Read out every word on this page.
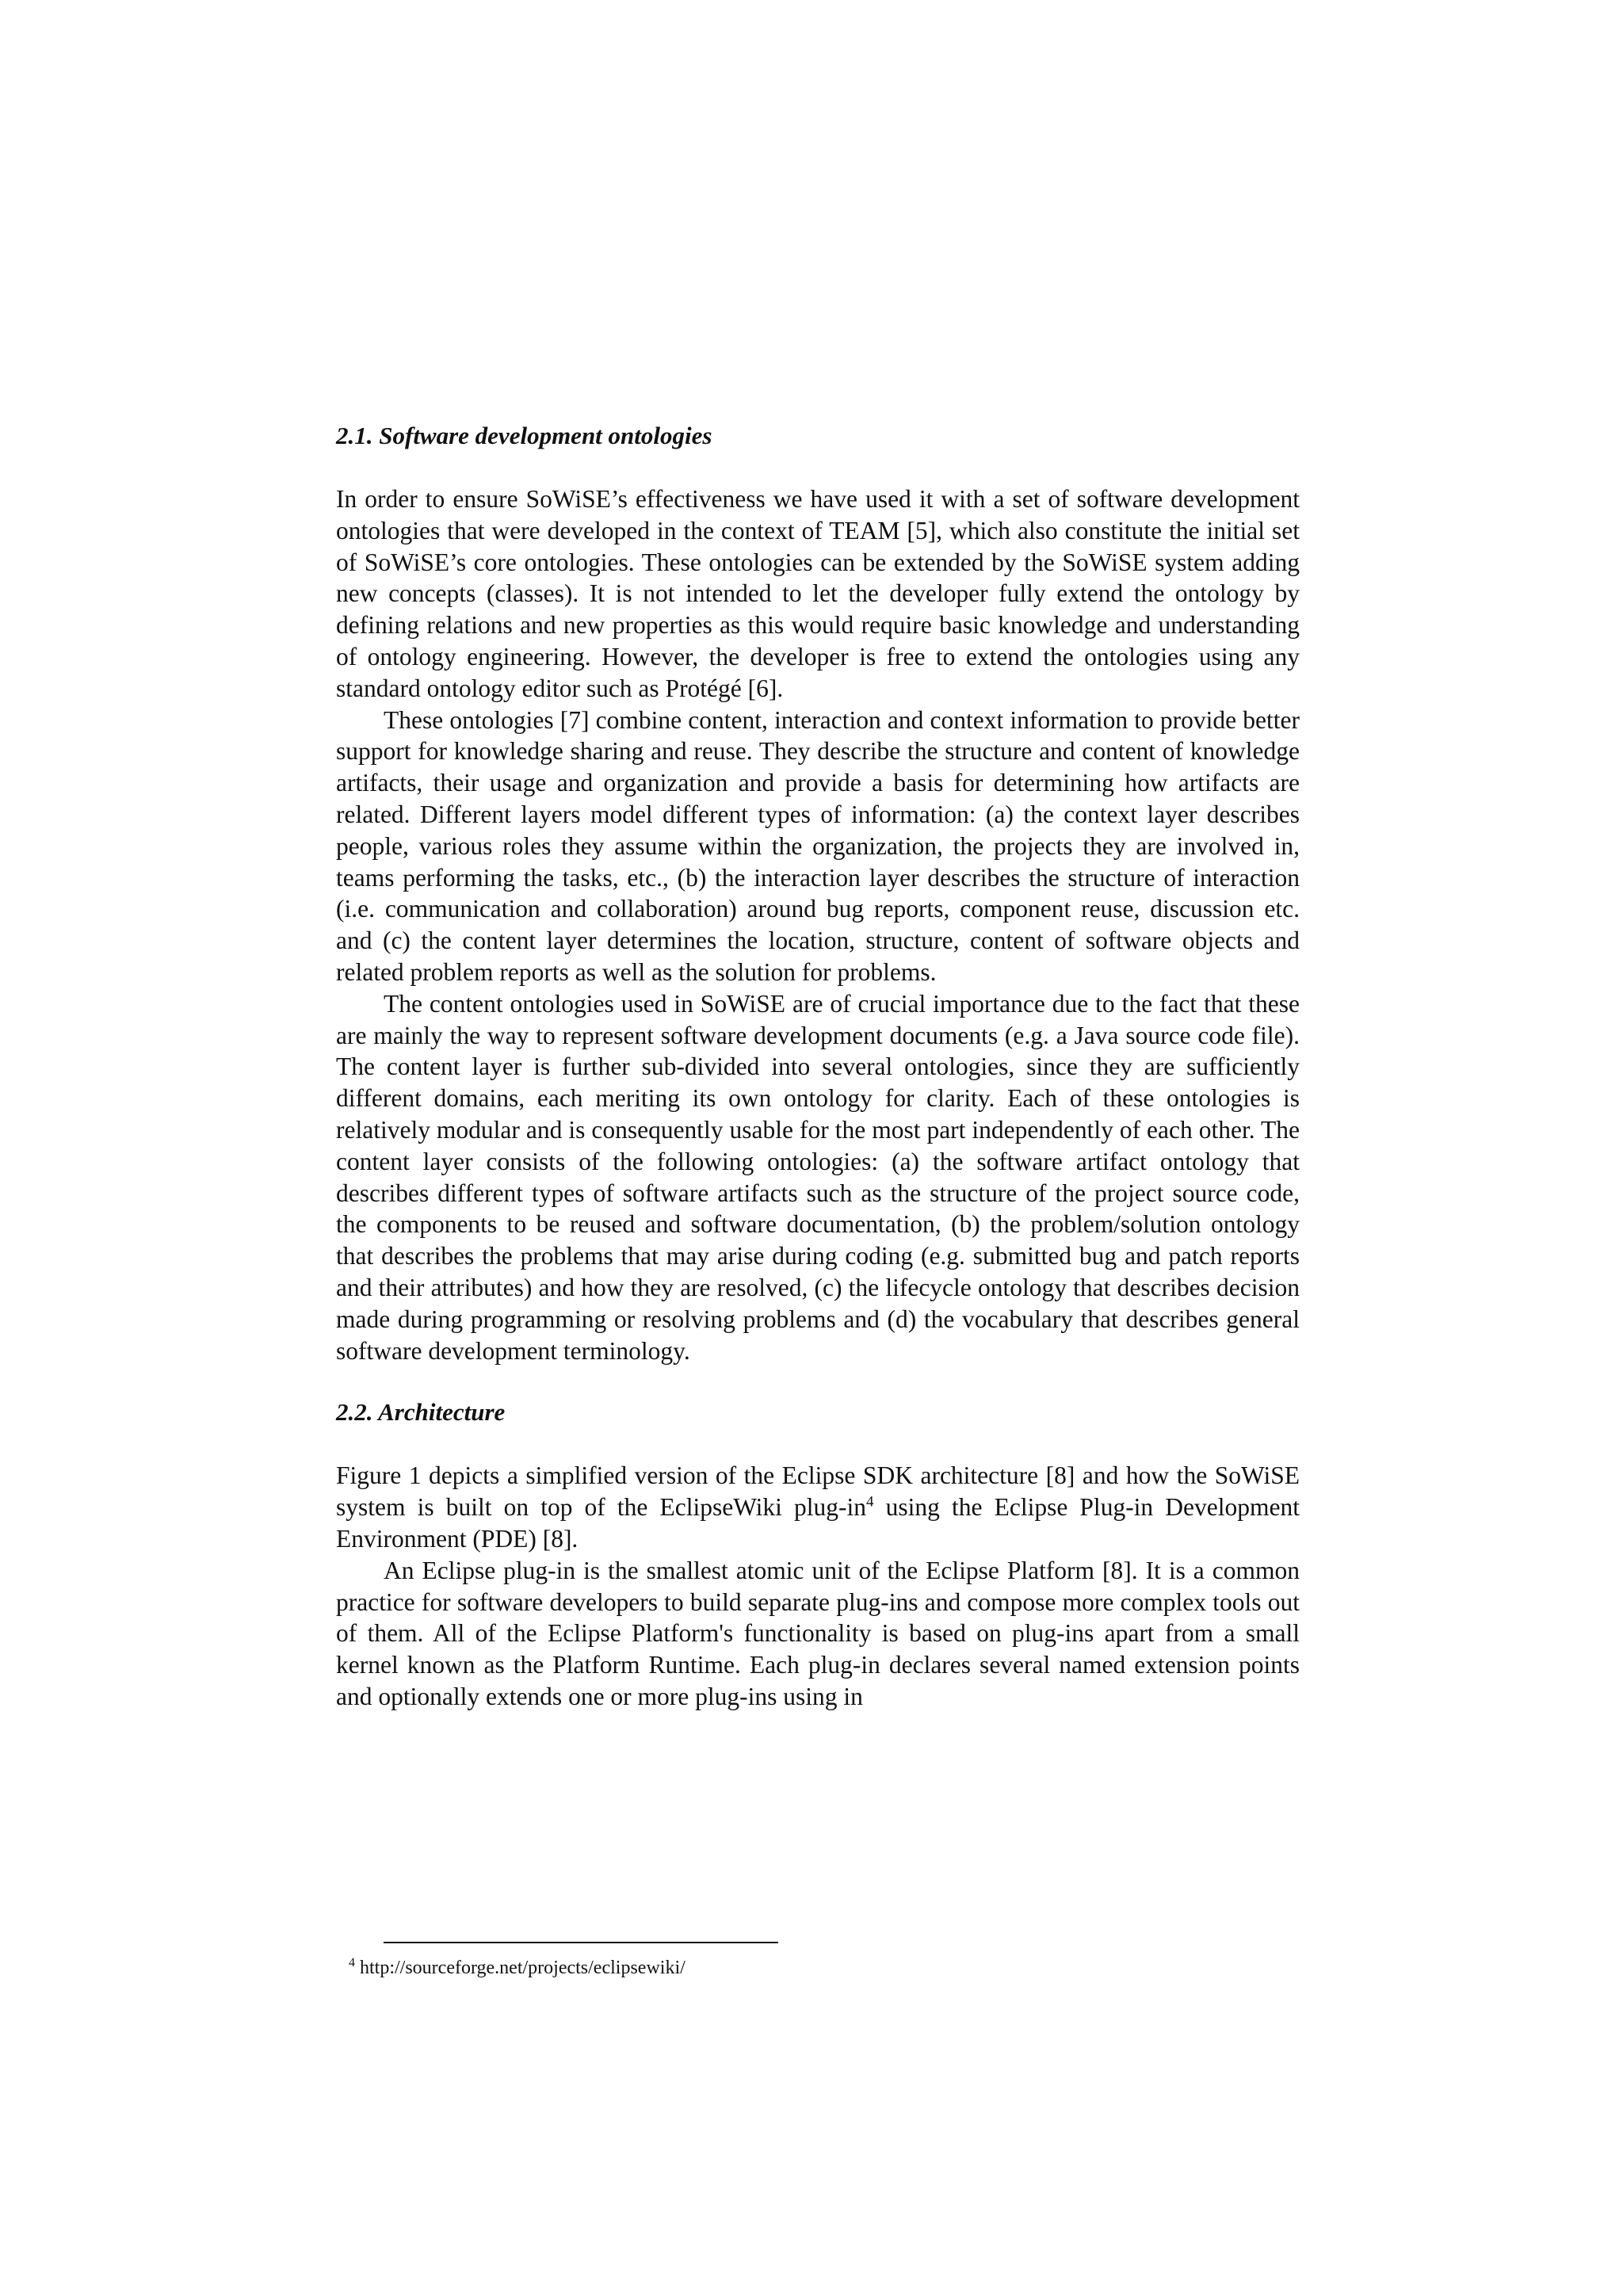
2.1. Software development ontologies

In order to ensure SoWiSE’s effectiveness we have used it with a set of software development ontologies that were developed in the context of TEAM [5], which also constitute the initial set of SoWiSE’s core ontologies. These ontologies can be extended by the SoWiSE system adding new concepts (classes). It is not intended to let the developer fully extend the ontology by defining relations and new properties as this would require basic knowledge and understanding of ontology engineering. However, the developer is free to extend the ontologies using any standard ontology editor such as Protégé [6].

These ontologies [7] combine content, interaction and context information to provide better support for knowledge sharing and reuse. They describe the structure and content of knowledge artifacts, their usage and organization and provide a basis for determining how artifacts are related. Different layers model different types of information: (a) the context layer describes people, various roles they assume within the organization, the projects they are involved in, teams performing the tasks, etc., (b) the interaction layer describes the structure of interaction (i.e. communication and collaboration) around bug reports, component reuse, discussion etc. and (c) the content layer determines the location, structure, content of software objects and related problem reports as well as the solution for problems.

The content ontologies used in SoWiSE are of crucial importance due to the fact that these are mainly the way to represent software development documents (e.g. a Java source code file). The content layer is further sub-divided into several ontologies, since they are sufficiently different domains, each meriting its own ontology for clarity. Each of these ontologies is relatively modular and is consequently usable for the most part independently of each other. The content layer consists of the following ontologies: (a) the software artifact ontology that describes different types of software artifacts such as the structure of the project source code, the components to be reused and software documentation, (b) the problem/solution ontology that describes the problems that may arise during coding (e.g. submitted bug and patch reports and their attributes) and how they are resolved, (c) the lifecycle ontology that describes decision made during programming or resolving problems and (d) the vocabulary that describes general software development terminology.

2.2. Architecture

Figure 1 depicts a simplified version of the Eclipse SDK architecture [8] and how the SoWiSE system is built on top of the EclipseWiki plug-$in^4$ using the Eclipse Plug-in Development Environment (PDE) [8].

An Eclipse plug-in is the smallest atomic unit of the Eclipse Platform [8]. It is a common practice for software developers to build separate plug-ins and compose more complex tools out of them. All of the Eclipse Platform's functionality is based on plug-ins apart from a small kernel known as the Platform Runtime. Each plug-in declares several named extension points and optionally extends one or more plug-ins using in

$^4$ http://sourceforge.net/projects/eclipsewiki/
